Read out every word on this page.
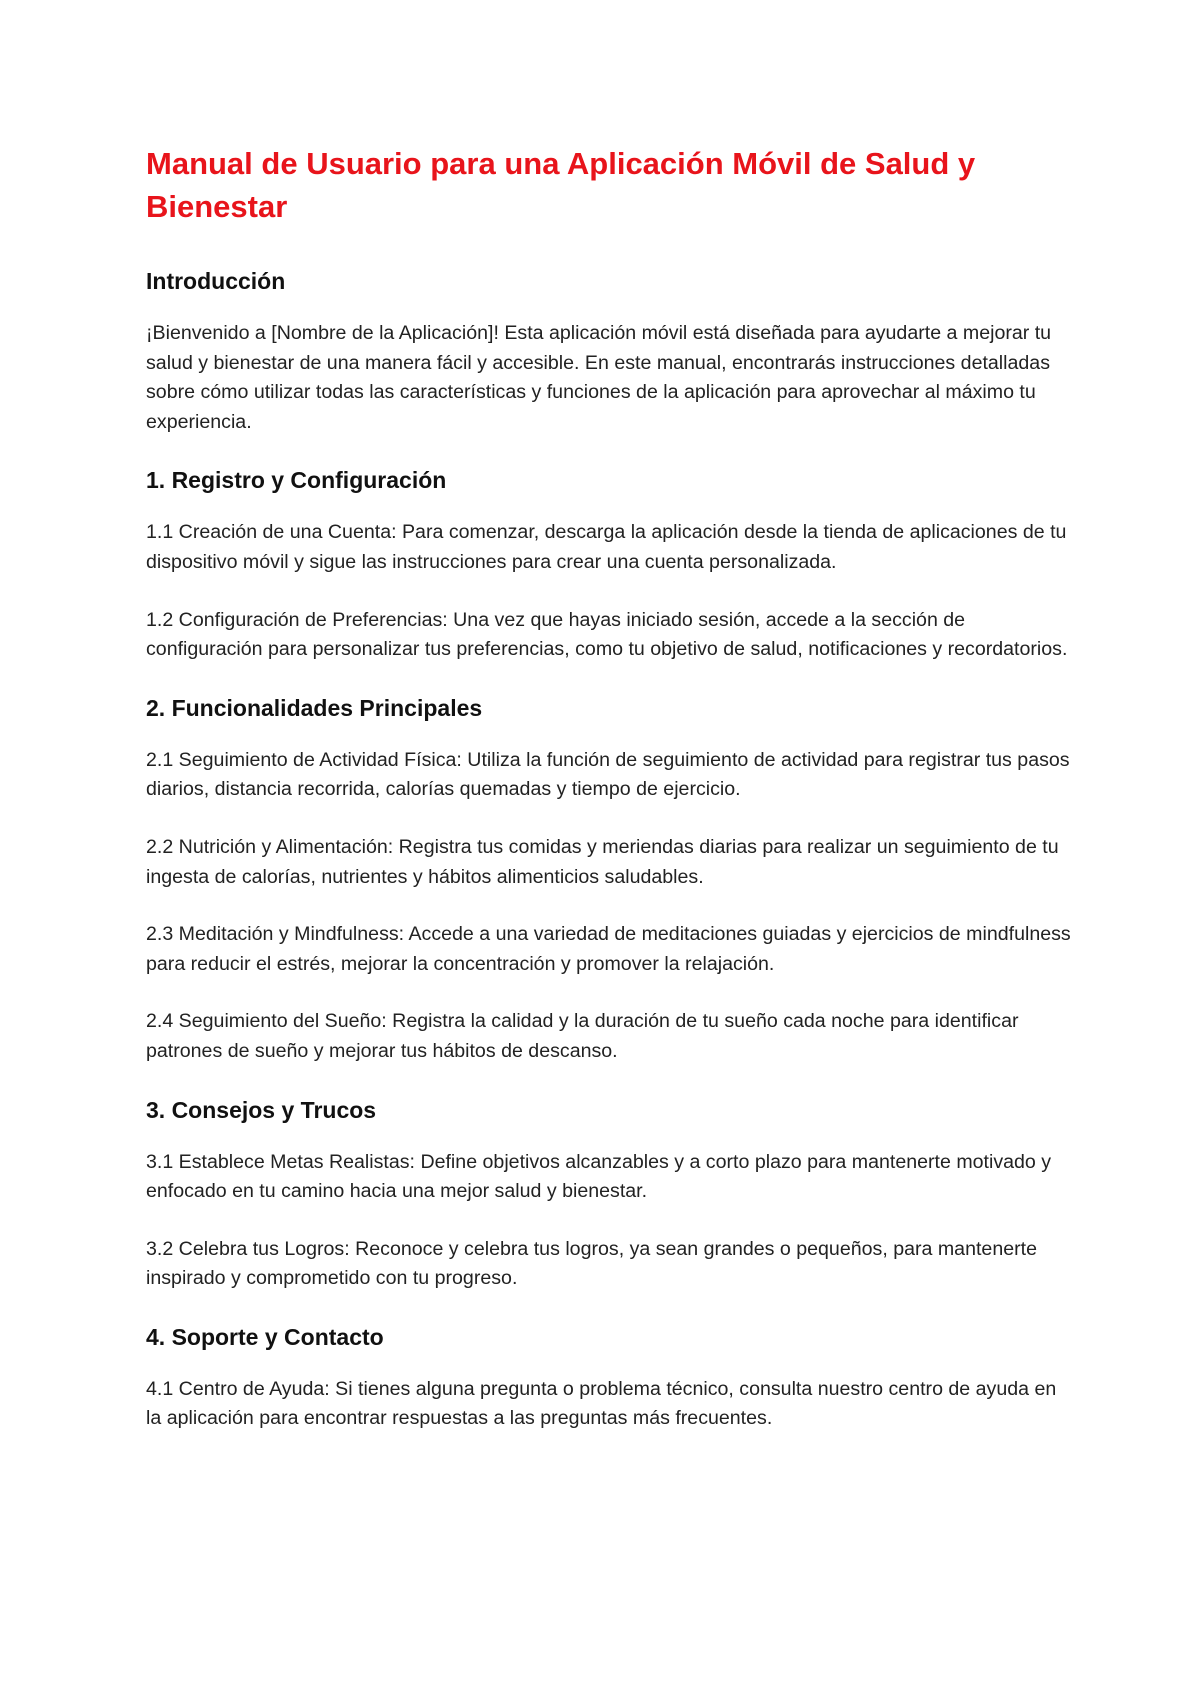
Manual de Usuario para una Aplicación Móvil de Salud y Bienestar
Introducción

¡Bienvenido a [Nombre de la Aplicación]! Esta aplicación móvil está diseñada para ayudarte a mejorar tu salud y bienestar de una manera fácil y accesible. En este manual, encontrarás instrucciones detalladas sobre cómo utilizar todas las características y funciones de la aplicación para aprovechar al máximo tu experiencia.

1. Registro y Configuración

1.1 Creación de una Cuenta: Para comenzar, descarga la aplicación desde la tienda de aplicaciones de tu dispositivo móvil y sigue las instrucciones para crear una cuenta personalizada.

1.2 Configuración de Preferencias: Una vez que hayas iniciado sesión, accede a la sección de configuración para personalizar tus preferencias, como tu objetivo de salud, notificaciones y recordatorios.

2. Funcionalidades Principales

2.1 Seguimiento de Actividad Física: Utiliza la función de seguimiento de actividad para registrar tus pasos diarios, distancia recorrida, calorías quemadas y tiempo de ejercicio.

2.2 Nutrición y Alimentación: Registra tus comidas y meriendas diarias para realizar un seguimiento de tu ingesta de calorías, nutrientes y hábitos alimenticios saludables.

2.3 Meditación y Mindfulness: Accede a una variedad de meditaciones guiadas y ejercicios de mindfulness para reducir el estrés, mejorar la concentración y promover la relajación.

2.4 Seguimiento del Sueño: Registra la calidad y la duración de tu sueño cada noche para identificar patrones de sueño y mejorar tus hábitos de descanso.

3. Consejos y Trucos

3.1 Establece Metas Realistas: Define objetivos alcanzables y a corto plazo para mantenerte motivado y enfocado en tu camino hacia una mejor salud y bienestar.

3.2 Celebra tus Logros: Reconoce y celebra tus logros, ya sean grandes o pequeños, para mantenerte inspirado y comprometido con tu progreso.

4. Soporte y Contacto

4.1 Centro de Ayuda: Si tienes alguna pregunta o problema técnico, consulta nuestro centro de ayuda en la aplicación para encontrar respuestas a las preguntas más frecuentes.
